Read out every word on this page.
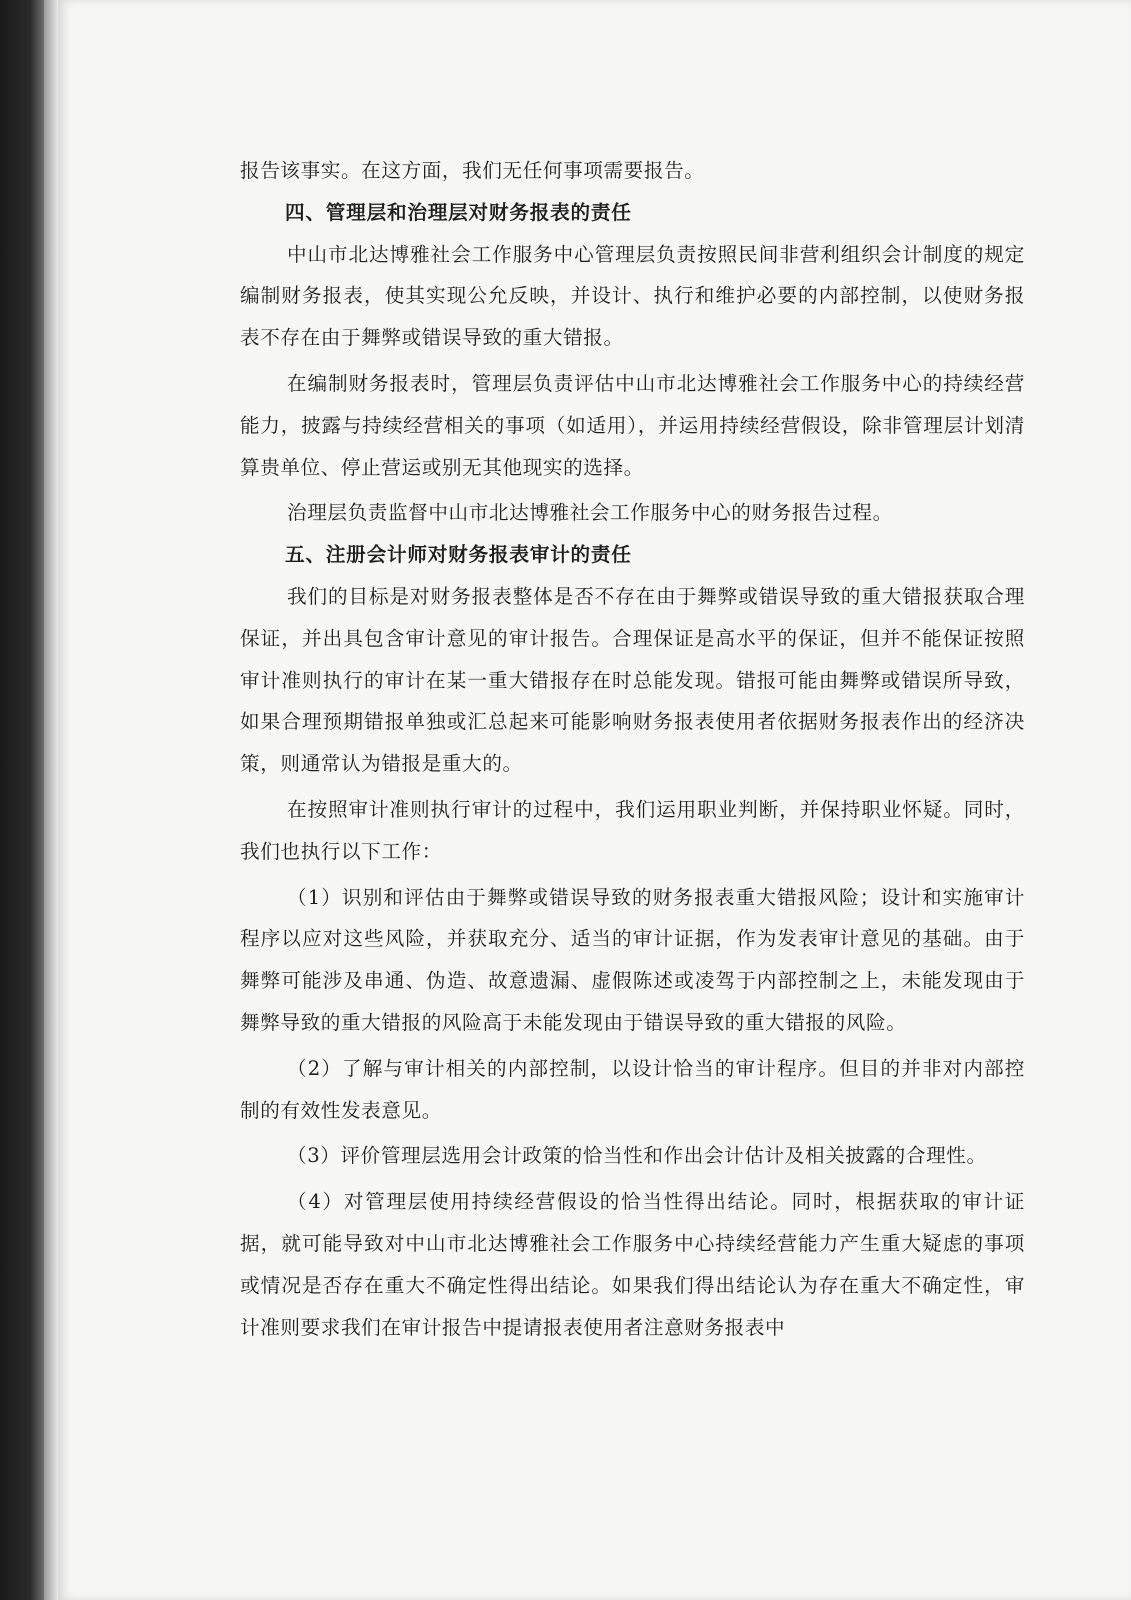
报告该事实。在这方面，我们无任何事项需要报告。

四、管理层和治理层对财务报表的责任

中山市北达博雅社会工作服务中心管理层负责按照民间非营利组织会计制度的规定编制财务报表，使其实现公允反映，并设计、执行和维护必要的内部控制，以使财务报表不存在由于舞弊或错误导致的重大错报。

在编制财务报表时，管理层负责评估中山市北达博雅社会工作服务中心的持续经营能力，披露与持续经营相关的事项（如适用），并运用持续经营假设，除非管理层计划清算贵单位、停止营运或别无其他现实的选择。

治理层负责监督中山市北达博雅社会工作服务中心的财务报告过程。

五、注册会计师对财务报表审计的责任

我们的目标是对财务报表整体是否不存在由于舞弊或错误导致的重大错报获取合理保证，并出具包含审计意见的审计报告。合理保证是高水平的保证，但并不能保证按照审计准则执行的审计在某一重大错报存在时总能发现。错报可能由舞弊或错误所导致，如果合理预期错报单独或汇总起来可能影响财务报表使用者依据财务报表作出的经济决策，则通常认为错报是重大的。

在按照审计准则执行审计的过程中，我们运用职业判断，并保持职业怀疑。同时，我们也执行以下工作：

（1）识别和评估由于舞弊或错误导致的财务报表重大错报风险；设计和实施审计程序以应对这些风险，并获取充分、适当的审计证据，作为发表审计意见的基础。由于舞弊可能涉及串通、伪造、故意遗漏、虚假陈述或凌驾于内部控制之上，未能发现由于舞弊导致的重大错报的风险高于未能发现由于错误导致的重大错报的风险。

（2）了解与审计相关的内部控制，以设计恰当的审计程序。但目的并非对内部控制的有效性发表意见。

（3）评价管理层选用会计政策的恰当性和作出会计估计及相关披露的合理性。

（4）对管理层使用持续经营假设的恰当性得出结论。同时，根据获取的审计证据，就可能导致对中山市北达博雅社会工作服务中心持续经营能力产生重大疑虑的事项或情况是否存在重大不确定性得出结论。如果我们得出结论认为存在重大不确定性，审计准则要求我们在审计报告中提请报表使用者注意财务报表中
